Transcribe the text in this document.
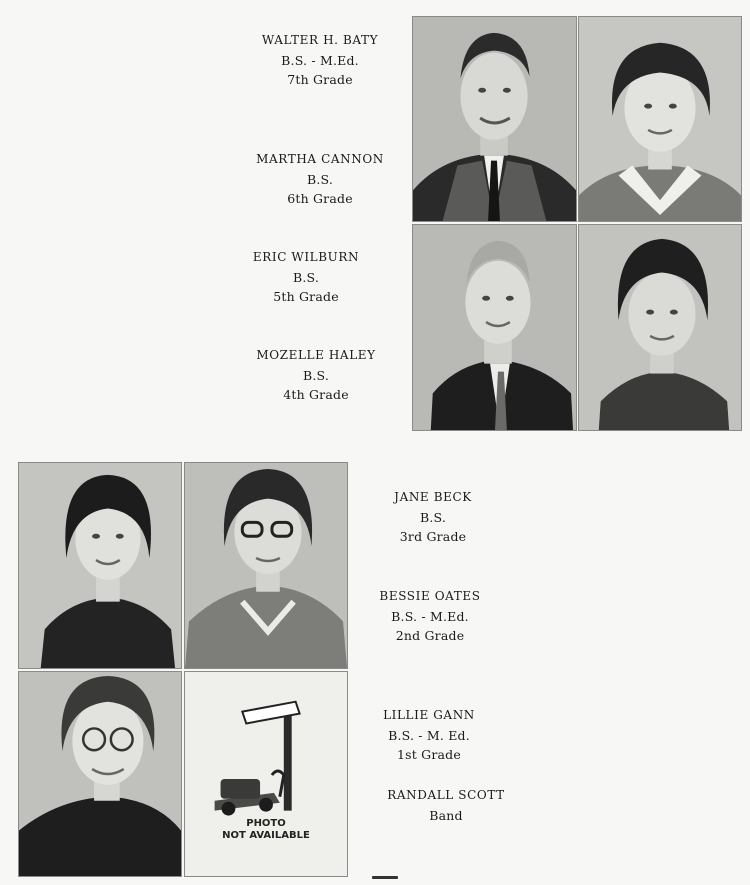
WALTER H. BATY
B.S. - M.Ed.
7th Grade
MARTHA CANNON
B.S.
6th Grade
ERIC WILBURN
B.S.
5th Grade
MOZELLE HALEY
B.S.
4th Grade
PHOTO
NOT AVAILABLE
JANE BECK
B.S.
3rd Grade
BESSIE OATES
B.S. - M.Ed.
2nd Grade
LILLIE GANN
B.S. - M. Ed.
1st Grade
RANDALL SCOTT
Band
